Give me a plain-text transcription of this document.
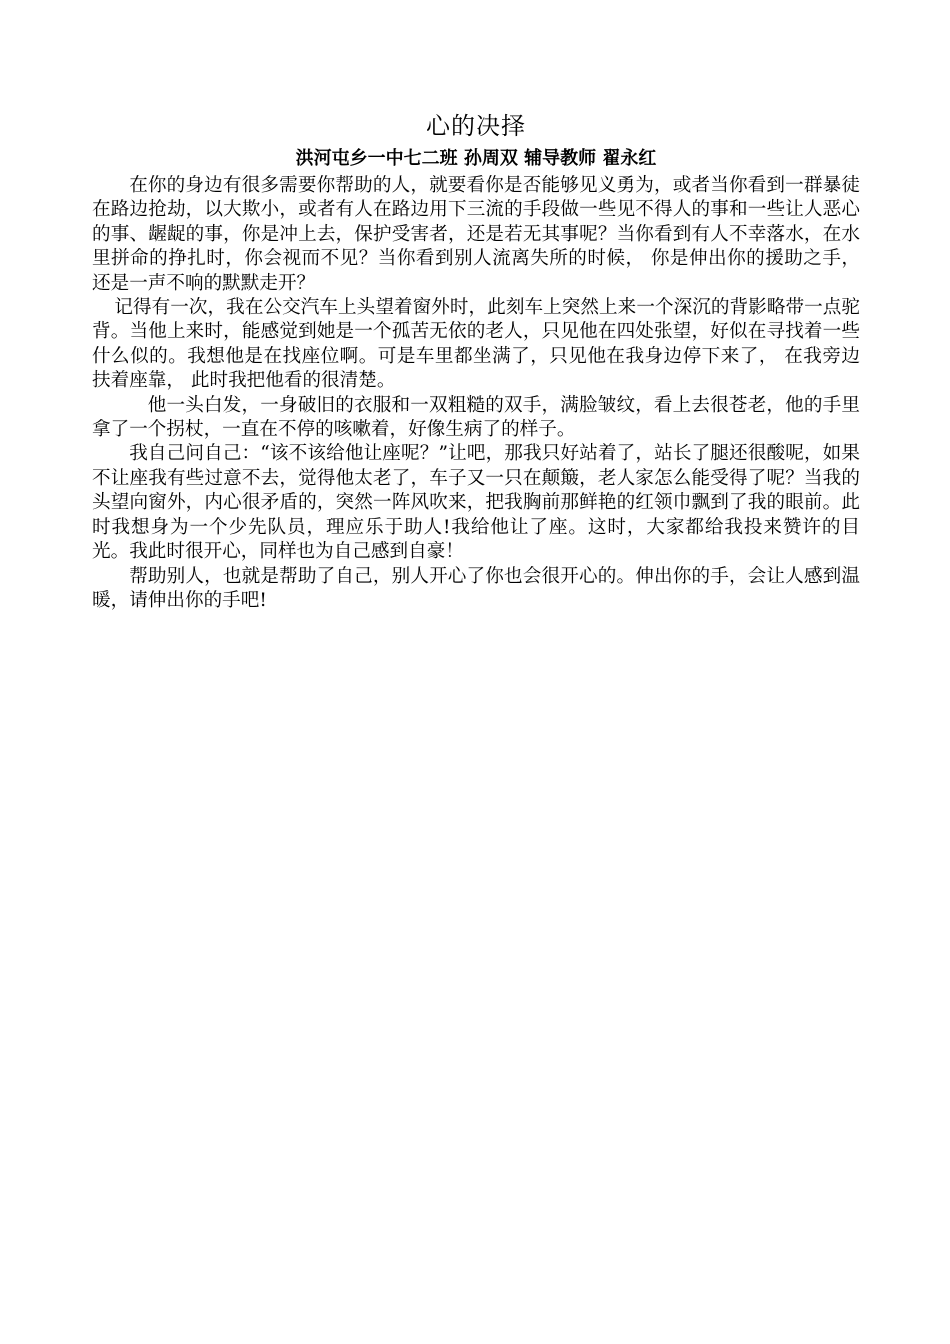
心的决择

洪河屯乡一中七二班 孙周双 辅导教师 翟永红

在你的身边有很多需要你帮助的人，就要看你是否能够见义勇为，或者当你看到一群暴徒在路边抢劫，以大欺小，或者有人在路边用下三流的手段做一些见不得人的事和一些让人恶心的事、龌龊的事，你是冲上去，保护受害者，还是若无其事呢？当你看到有人不幸落水，在水里拼命的挣扎时，你会视而不见？当你看到别人流离失所的时候， 你是伸出你的援助之手， 还是一声不响的默默走开？

记得有一次，我在公交汽车上头望着窗外时，此刻车上突然上来一个深沉的背影略带一点驼背。当他上来时，能感觉到她是一个孤苦无依的老人，只见他在四处张望，好似在寻找着一些什么似的。我想他是在找座位啊。可是车里都坐满了，只见他在我身边停下来了， 在我旁边扶着座靠， 此时我把他看的很清楚。

他一头白发，一身破旧的衣服和一双粗糙的双手，满脸皱纹，看上去很苍老，他的手里拿了一个拐杖，一直在不停的咳嗽着，好像生病了的样子。

我自己问自己：“该不该给他让座呢？”让吧，那我只好站着了，站长了腿还很酸呢，如果不让座我有些过意不去，觉得他太老了，车子又一只在颠簸，老人家怎么能受得了呢？当我的头望向窗外，内心很矛盾的，突然一阵风吹来，把我胸前那鲜艳的红领巾飘到了我的眼前。此时我想身为一个少先队员，理应乐于助人!我给他让了座。这时，大家都给我投来赞许的目光。我此时很开心，同样也为自己感到自豪！

帮助别人，也就是帮助了自己，别人开心了你也会很开心的。伸出你的手，会让人感到温暖，请伸出你的手吧!
